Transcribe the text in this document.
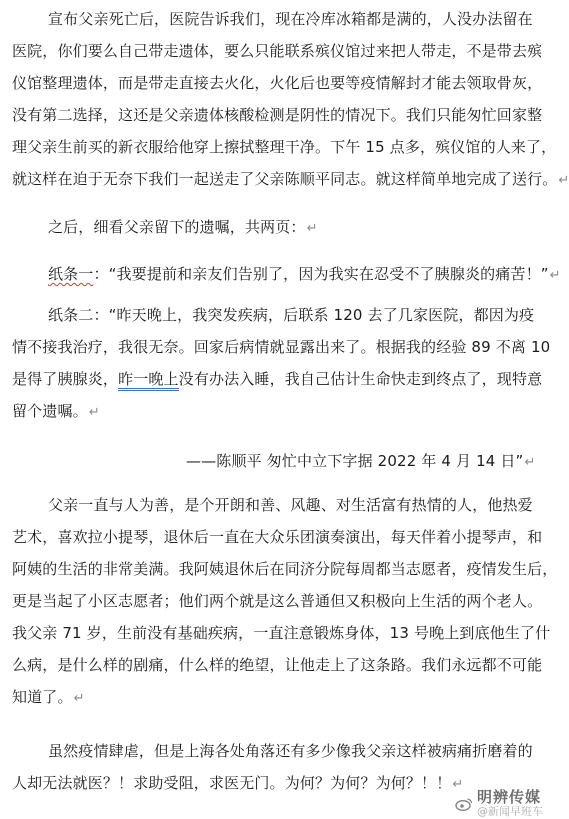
宣布父亲死亡后，医院告诉我们，现在冷库冰箱都是满的，人没办法留在
医院，你们要么自己带走遗体，要么只能联系殡仪馆过来把人带走，不是带去殡
仪馆整理遗体，而是带走直接去火化，火化后也要等疫情解封才能去领取骨灰，
没有第二选择，这还是父亲遗体核酸检测是阴性的情况下。我们只能匆忙回家整
理父亲生前买的新衣服给他穿上擦拭整理干净。下午 15 点多，殡仪馆的人来了，
就这样在迫于无奈下我们一起送走了父亲陈顺平同志。就这样简单地完成了送行。↵
之后，细看父亲留下的遗嘱，共两页：↵
纸条一：“我要提前和亲友们告别了，因为我实在忍受不了胰腺炎的痛苦！”↵
纸条二：“昨天晚上，我突发疾病，后联系 120 去了几家医院，都因为疫
情不接我治疗，我很无奈。回家后病情就显露出来了。根据我的经验 89 不离 10
是得了胰腺炎，昨一晚上没有办法入睡，我自己估计生命快走到终点了，现特意
留个遗嘱。↵
——陈顺平 匆忙中立下字据 2022 年 4 月 14 日”↵
父亲一直与人为善，是个开朗和善、风趣、对生活富有热情的人，他热爱
艺术，喜欢拉小提琴，退休后一直在大众乐团演奏演出，每天伴着小提琴声，和
阿姨的生活的非常美满。我阿姨退休后在同济分院每周都当志愿者，疫情发生后，
更是当起了小区志愿者；他们两个就是这么普通但又积极向上生活的两个老人。
我父亲 71 岁，生前没有基础疾病，一直注意锻炼身体，13 号晚上到底他生了什
么病，是什么样的剧痛，什么样的绝望，让他走上了这条路。我们永远都不可能
知道了。↵
虽然疫情肆虐，但是上海各处角落还有多少像我父亲这样被病痛折磨着的
人却无法就医？！求助受阻，求医无门。为何？为何？为何？！！↵
明辨传媒
@新闻早班车
